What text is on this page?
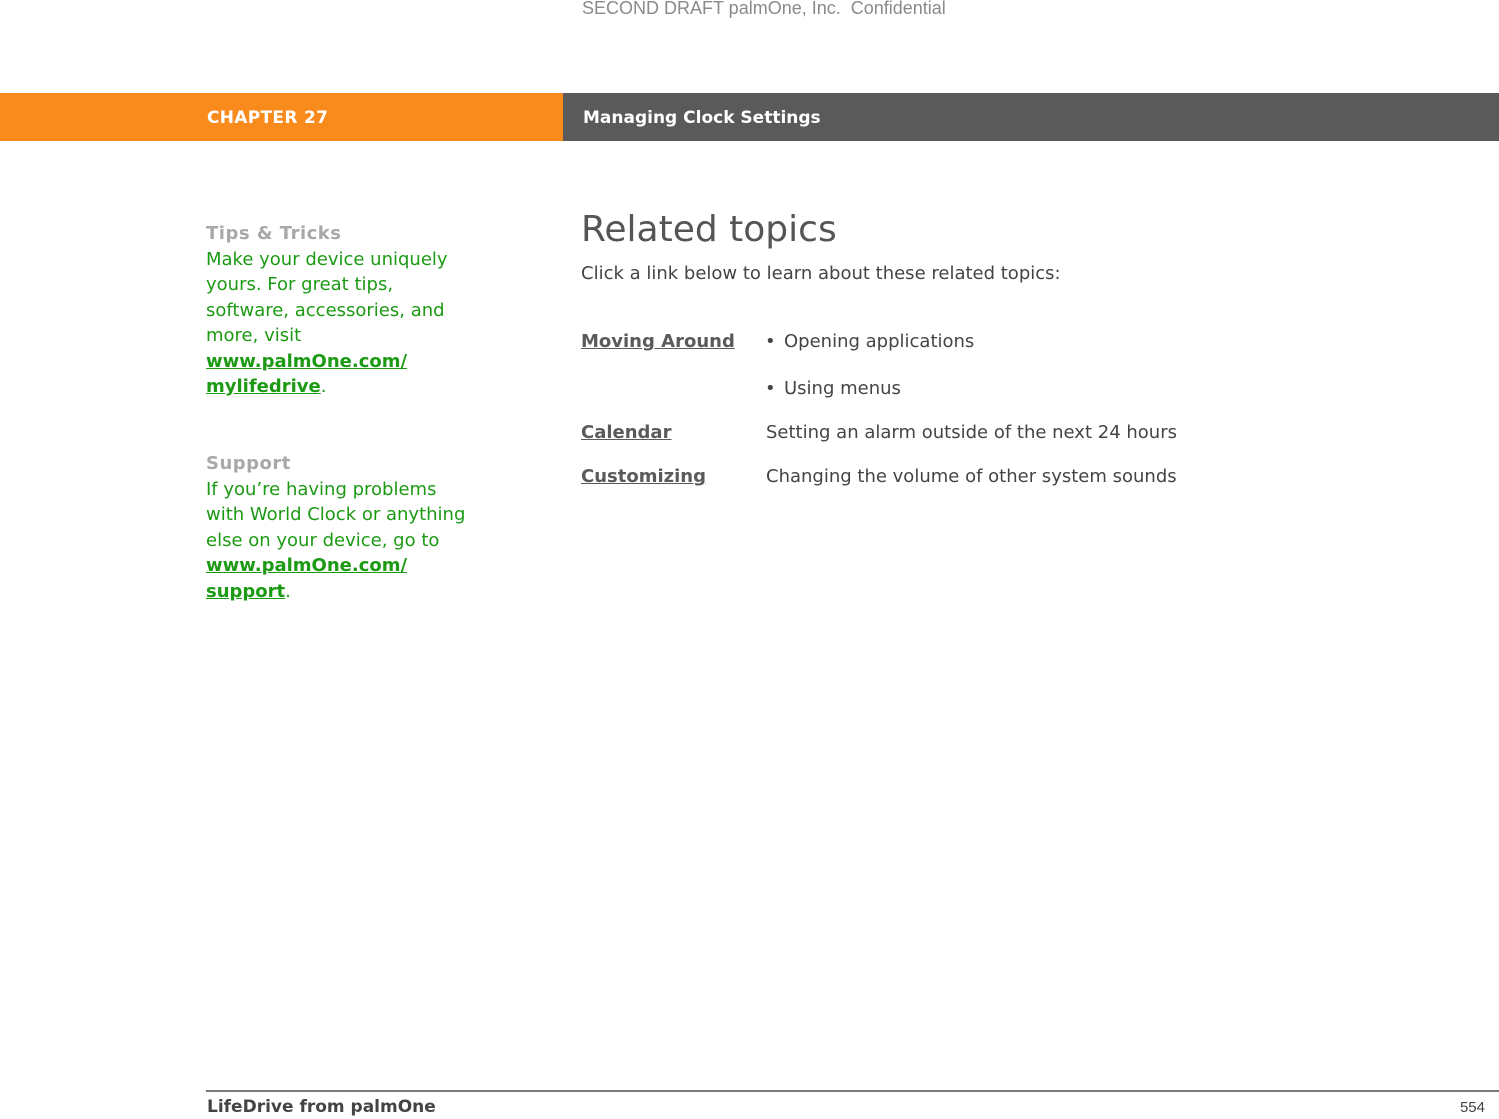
SECOND DRAFT palmOne, Inc.  Confidential
CHAPTER 27	Managing Clock Settings
Tips & Tricks
Make your device uniquely
yours. For great tips,
software, accessories, and
more, visit
www.palmOne.com/
mylifedrive.
Support
If you’re having problems
with World Clock or anything
else on your device, go to
www.palmOne.com/
support.
Related topics
Click a link below to learn about these related topics:
Moving Around • Opening applications
• Using menus
Calendar	Setting an alarm outside of the next 24 hours
Customizing	Changing the volume of other system sounds
LifeDrive from palmOne	554
